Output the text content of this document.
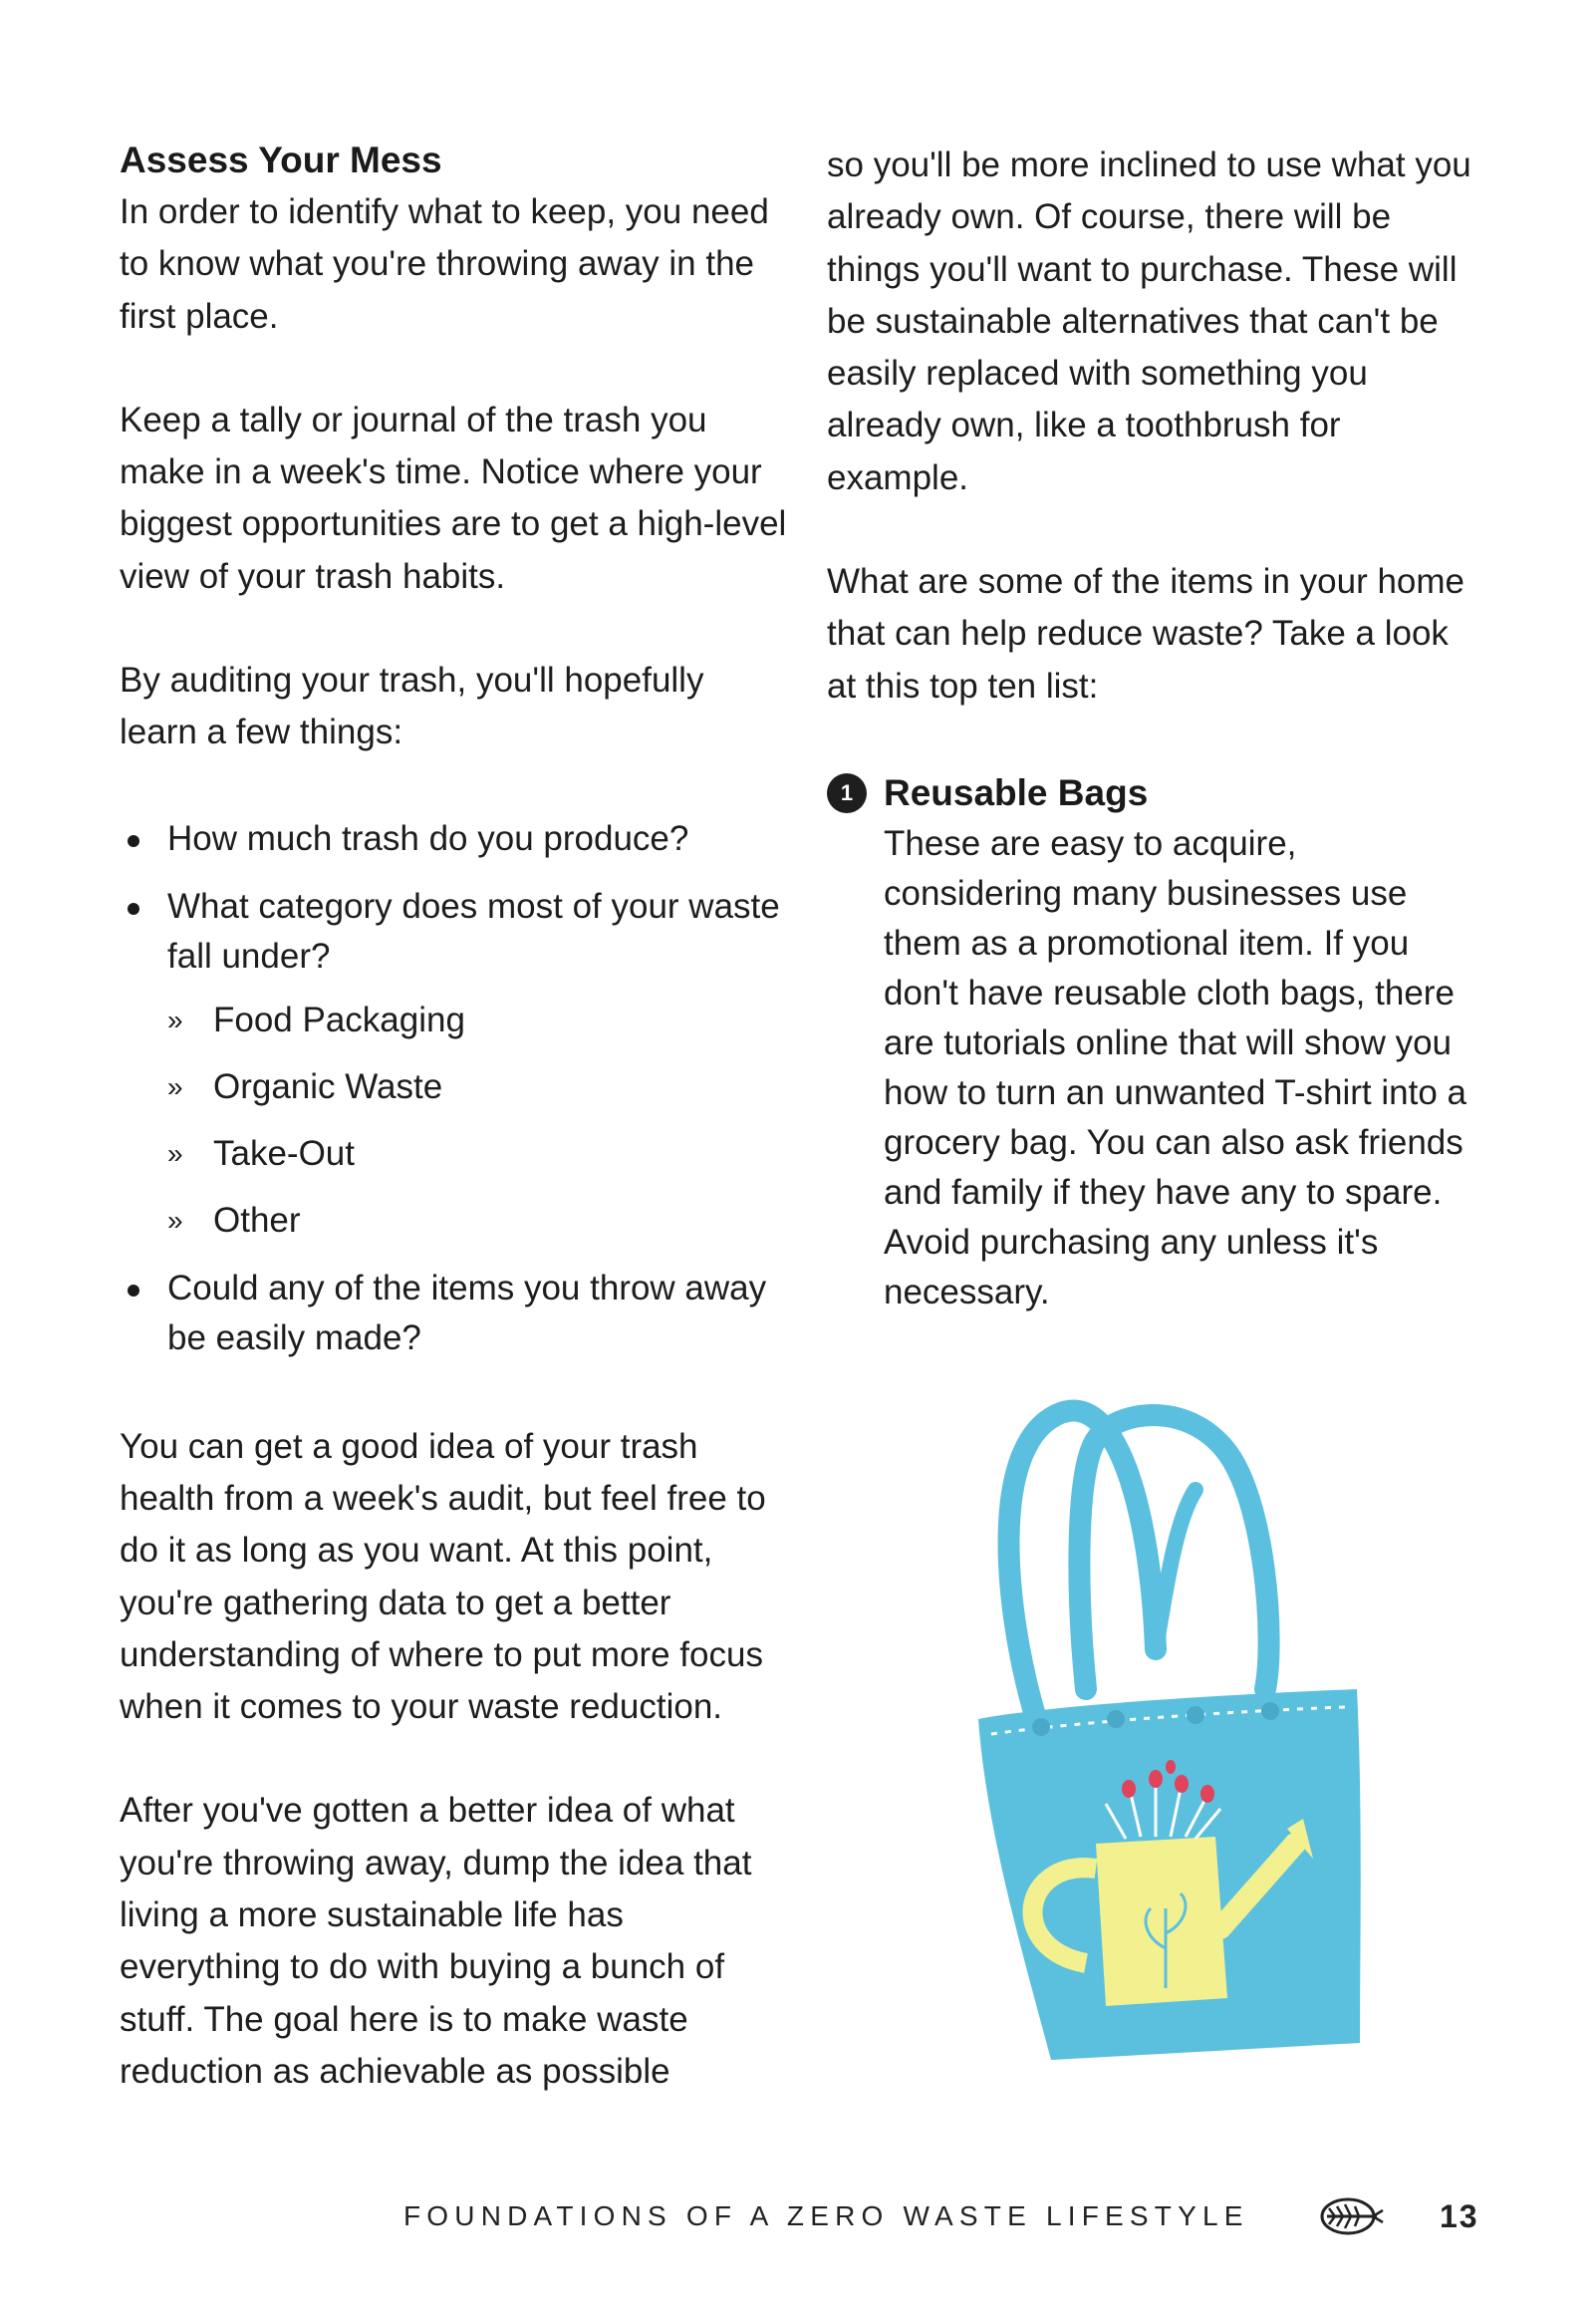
Assess Your Mess

In order to identify what to keep, you need to know what you're throwing away in the first place.

Keep a tally or journal of the trash you make in a week's time. Notice where your biggest opportunities are to get a high-level view of your trash habits.

By auditing your trash, you'll hopefully learn a few things:

How much trash do you produce?
What category does most of your waste fall under?
» Food Packaging
» Organic Waste
» Take-Out
» Other
Could any of the items you throw away be easily made?

You can get a good idea of your trash health from a week's audit, but feel free to do it as long as you want. At this point, you're gathering data to get a better understanding of where to put more focus when it comes to your waste reduction.

After you've gotten a better idea of what you're throwing away, dump the idea that living a more sustainable life has everything to do with buying a bunch of stuff. The goal here is to make waste reduction as achievable as possible

so you'll be more inclined to use what you already own. Of course, there will be things you'll want to purchase. These will be sustainable alternatives that can't be easily replaced with something you already own, like a toothbrush for example.

What are some of the items in your home that can help reduce waste? Take a look at this top ten list:

1 Reusable Bags

These are easy to acquire, considering many businesses use them as a promotional item. If you don't have reusable cloth bags, there are tutorials online that will show you how to turn an unwanted T-shirt into a grocery bag. You can also ask friends and family if they have any to spare. Avoid purchasing any unless it's necessary.

FOUNDATIONS OF A ZERO WASTE LIFESTYLE	13
